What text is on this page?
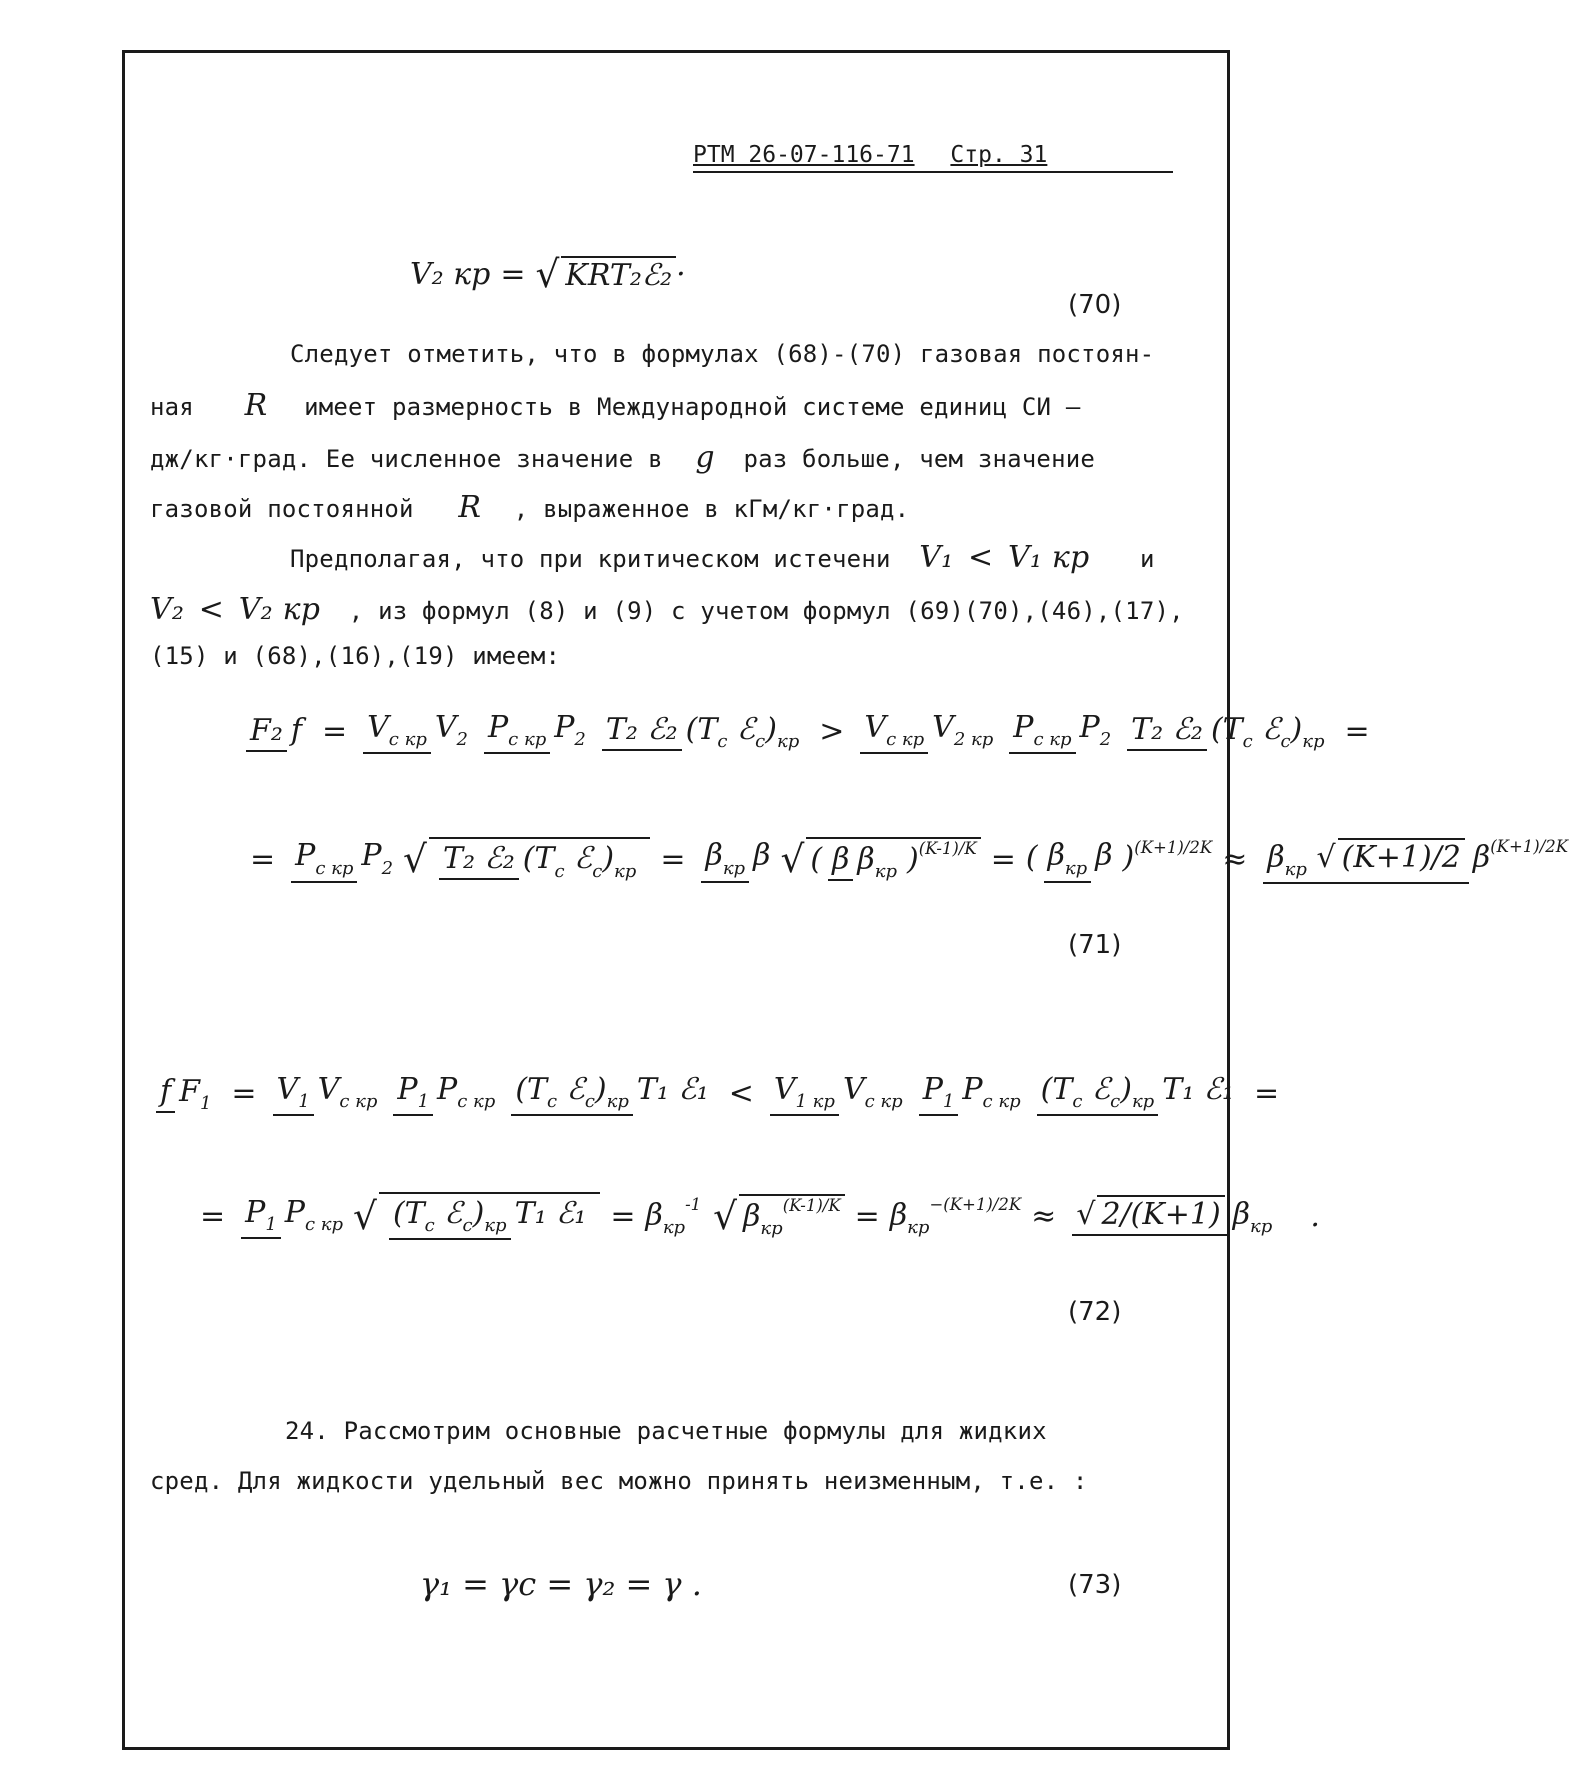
РТМ 26-07-116-71 Стр. 31
V₂ кр = √ KRT₂ℰ₂ ·
(70)
Следует отметить, что в формулах (68)-(70) газовая постоян-
ная R имеет размерность в Международной системе единиц СИ —
дж/кг·град. Ее численное значение в g раз больше, чем значение
газовой постоянной R , выраженное в кГм/кг·град.
Предполагая, что при критическом истечени V₁ < V₁ кр и
V₂ < V₂ кр , из формул (8) и (9) с учетом формул (69)(70),(46),(17),
(15) и (68),(16),(19) имеем:
F₂ f = Vc кр V2 Pc кр P2 T₂ ℰ₂ (Tc ℰc)кр > Vc кр V2 кр Pc кр P2 T₂ ℰ₂ (Tc ℰc)кр =
= Pc кр P2 √ T₂ ℰ₂ (Tc ℰc)кр = βкр β √ ( β βкр )(K-1)/K = ( βкр β )(K+1)/2K ≈ βкр √ (K+1)/2 β(K+1)/2K
(71)
f F1 = V1 Vc кр P1 Pc кр (Tc ℰc)кр T₁ ℰ₁ < V1 кр Vc кр P1 Pc кр (Tc ℰc)кр T₁ ℰ₁ =
= P1 Pc кр √ (Tc ℰc)кр T₁ ℰ₁ = βкр-1 √ βкр(K-1)/K = βкр−(K+1)/2K ≈ √ 2/(K+1) βкр .
(72)
24. Рассмотрим основные расчетные формулы для жидких
сред. Для жидкости удельный вес можно принять неизменным, т.е. :
γ₁ = γc = γ₂ = γ .	(73)
